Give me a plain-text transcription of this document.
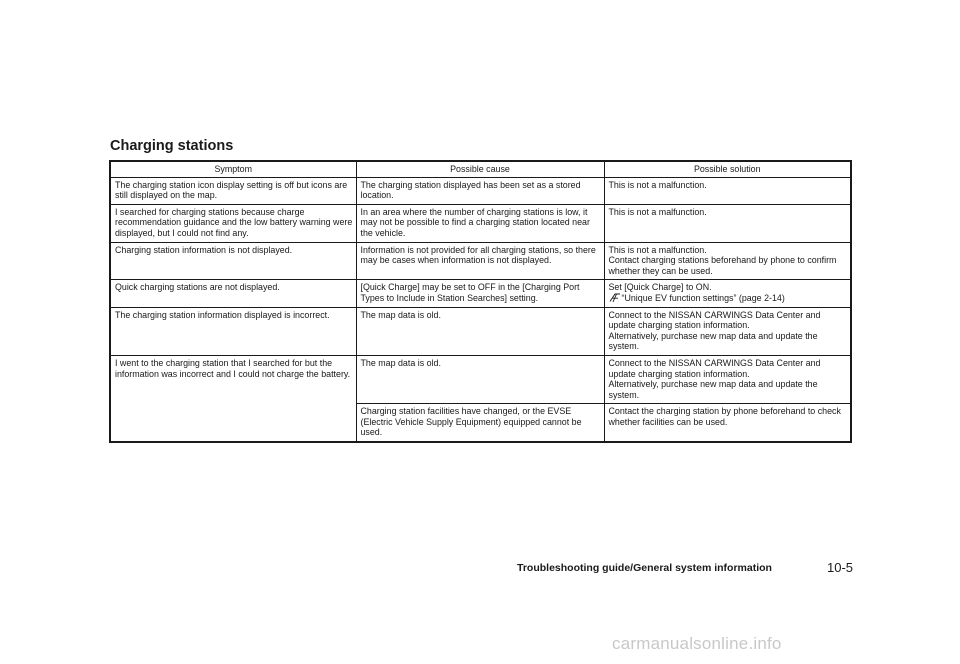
Charging stations
Symptom	Possible cause	Possible solution
The charging station icon display setting is off but icons are still displayed on the map.	The charging station displayed has been set as a stored location.	This is not a malfunction.

I searched for charging stations because charge recommendation guidance and the low battery warning were displayed, but I could not find any.	In an area where the number of charging stations is low, it may not be possible to find a charging station located near the vehicle.	This is not a malfunction.

Charging station information is not displayed.	Information is not provided for all charging stations, so there may be cases when information is not displayed.	This is not a malfunction.
Contact charging stations beforehand by phone to confirm whether they can be used.

Quick charging stations are not displayed.	[Quick Charge] may be set to OFF in the [Charging Port Types to Include in Station Searches] setting.	Set [Quick Charge] to ON.
“Unique EV function settings” (page 2-14)

The charging station information displayed is incorrect.	The map data is old.	Connect to the NISSAN CARWINGS Data Center and update charging station information.
Alternatively, purchase new map data and update the system.

I went to the charging station that I searched for but the information was incorrect and I could not charge the battery.	The map data is old.	Connect to the NISSAN CARWINGS Data Center and update charging station information.
Alternatively, purchase new map data and update the system.

	Charging station facilities have changed, or the EVSE (Electric Vehicle Supply Equipment) equipped cannot be used.	Contact the charging station by phone beforehand to check whether facilities can be used.
Troubleshooting guide/General system information	10-5
carmanualsonline.info
